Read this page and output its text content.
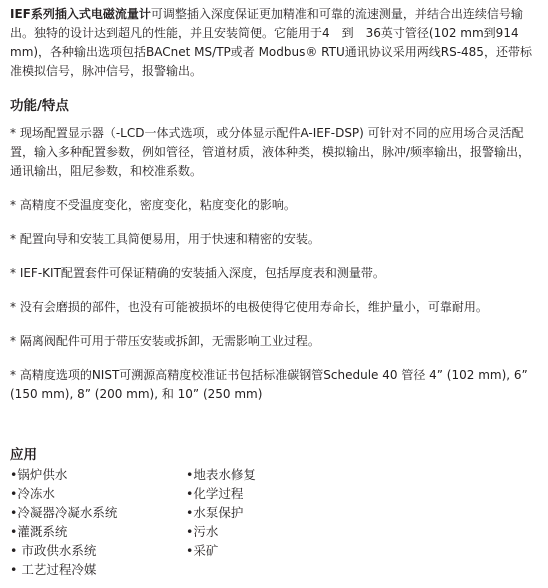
IEF系列插入式电磁流量计可调整插入深度保证更加精准和可靠的流速测量，并结合出连续信号输出。独特的设计达到超凡的性能，并且安装简便。它能用于4　到　36英寸管径(102 mm到914 mm)，各种输出选项包括BACnet MS/TP或者 Modbus® RTU通讯协议采用两线RS-485，还带标准模拟信号，脉冲信号，报警输出。

功能/特点

* 现场配置显示器（-LCD一体式选项，或分体显示配件A-IEF-DSP) 可针对不同的应用场合灵活配置，输入多种配置参数，例如管径，管道材质，液体种类，模拟输出，脉冲/频率输出，报警输出，通讯输出，阻尼参数，和校准系数。

* 高精度不受温度变化，密度变化，粘度变化的影响。

* 配置向导和安装工具简便易用，用于快速和精密的安装。

* IEF-KIT配置套件可保证精确的安装插入深度，包括厚度表和测量带。

* 没有会磨损的部件，也没有可能被损坏的电极使得它使用寿命长，维护量小，可靠耐用。

* 隔离阀配件可用于带压安装或拆卸，无需影响工业过程。

* 高精度选项的NIST可溯源高精度校准证书包括标准碳钢管Schedule 40 管径 4” (102 mm), 6” (150 mm), 8” (200 mm), 和 10” (250 mm)

应用
•锅炉供水
•冷冻水
•冷凝器冷凝水系统
•灌溉系统
• 市政供水系统
• 工艺过程冷媒
•地表水修复
•化学过程
•水泵保护
•污水
•采矿
